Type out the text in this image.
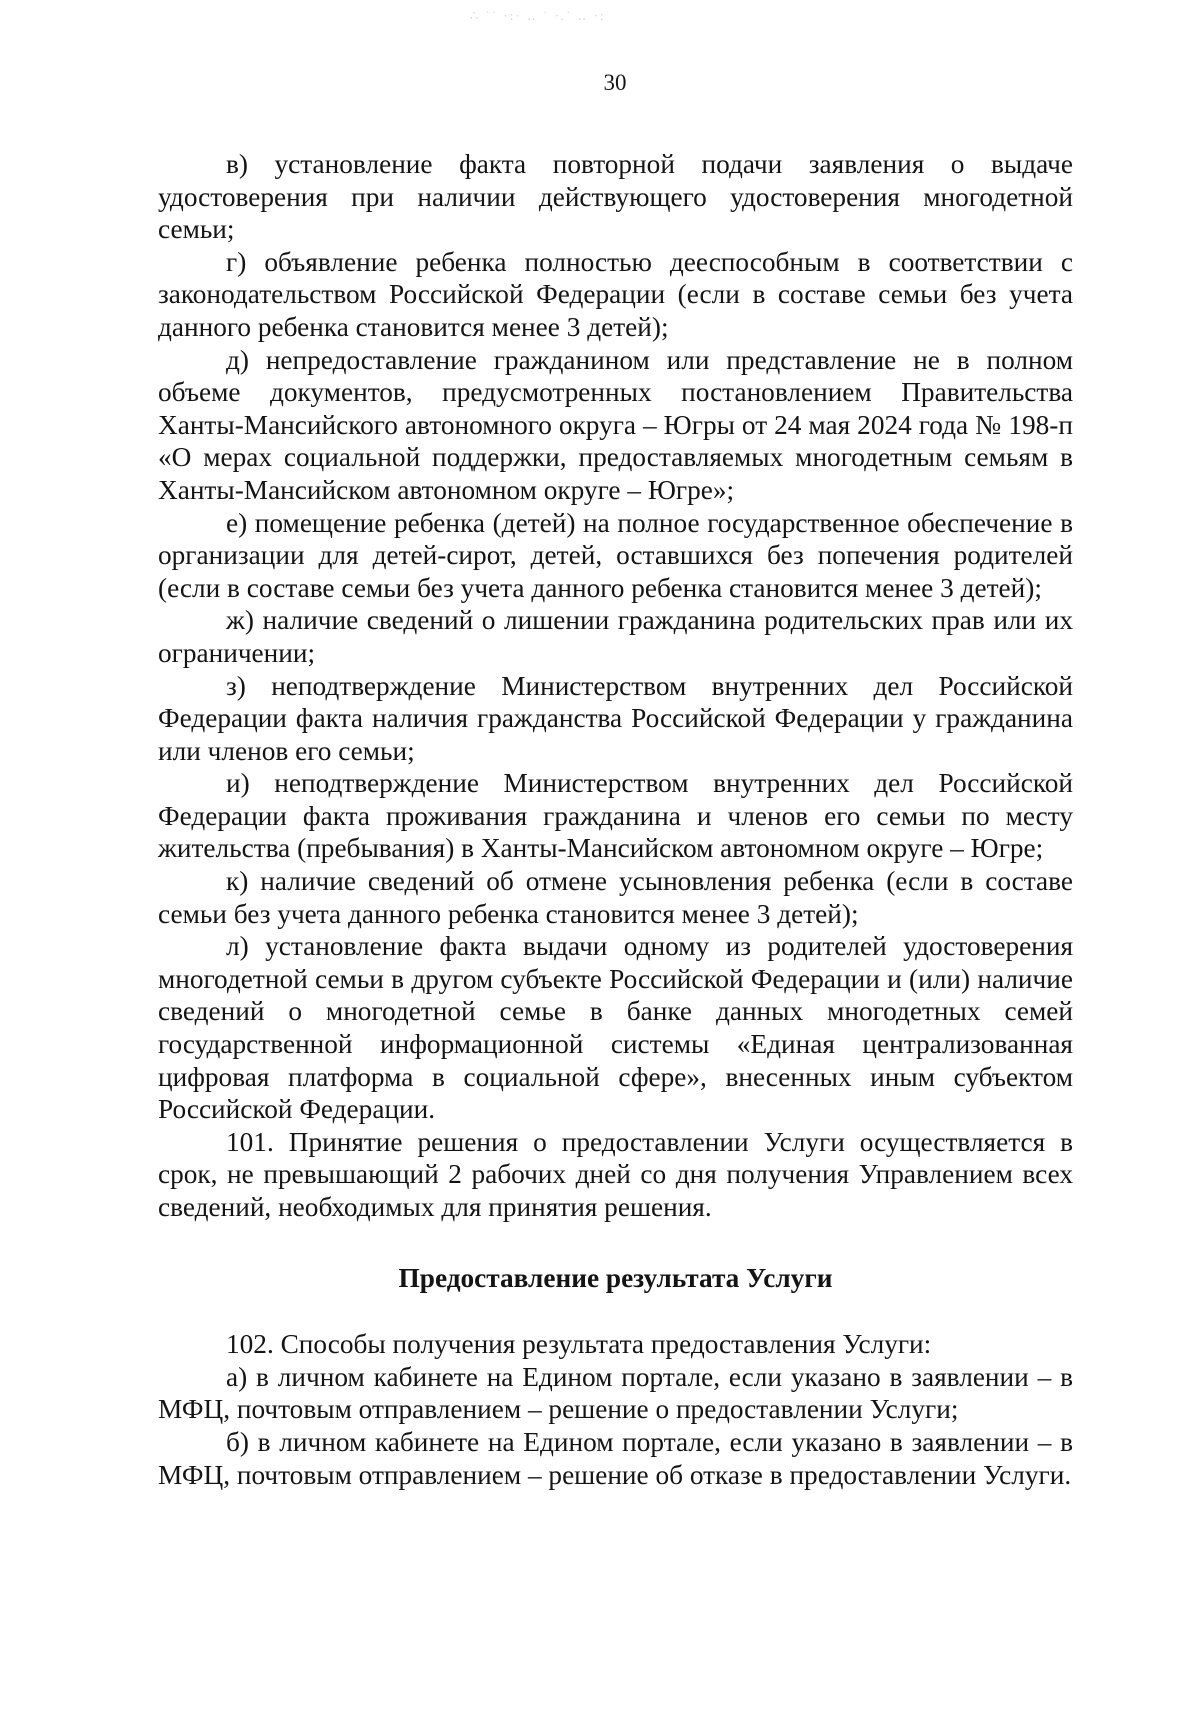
∴ ˙˙ ·:· ‥ ˙ ·.˙ ‥ ·:
30

в) установление факта повторной подачи заявления о выдаче удостоверения при наличии действующего удостоверения многодетной семьи;

г) объявление ребенка полностью дееспособным в соответствии с законодательством Российской Федерации (если в составе семьи без учета данного ребенка становится менее 3 детей);

д) непредоставление гражданином или представление не в полном объеме документов, предусмотренных постановлением Правительства Ханты-Мансийского автономного округа – Югры от 24 мая 2024 года № 198-п «О мерах социальной поддержки, предоставляемых многодетным семьям в Ханты-Мансийском автономном округе – Югре»;

е) помещение ребенка (детей) на полное государственное обеспечение в организации для детей-сирот, детей, оставшихся без попечения родителей (если в составе семьи без учета данного ребенка становится менее 3 детей);

ж) наличие сведений о лишении гражданина родительских прав или их ограничении;

з) неподтверждение Министерством внутренних дел Российской Федерации факта наличия гражданства Российской Федерации у гражданина или членов его семьи;

и) неподтверждение Министерством внутренних дел Российской Федерации факта проживания гражданина и членов его семьи по месту жительства (пребывания) в Ханты-Мансийском автономном округе – Югре;

к) наличие сведений об отмене усыновления ребенка (если в составе семьи без учета данного ребенка становится менее 3 детей);

л) установление факта выдачи одному из родителей удостоверения многодетной семьи в другом субъекте Российской Федерации и (или) наличие сведений о многодетной семье в банке данных многодетных семей государственной информационной системы «Единая централизованная цифровая платформа в социальной сфере», внесенных иным субъектом Российской Федерации.

101. Принятие решения о предоставлении Услуги осуществляется в срок, не превышающий 2 рабочих дней со дня получения Управлением всех сведений, необходимых для принятия решения.

Предоставление результата Услуги

102. Способы получения результата предоставления Услуги:

а) в личном кабинете на Едином портале, если указано в заявлении – в МФЦ, почтовым отправлением – решение о предоставлении Услуги;

б) в личном кабинете на Едином портале, если указано в заявлении – в МФЦ, почтовым отправлением – решение об отказе в предоставлении Услуги.
